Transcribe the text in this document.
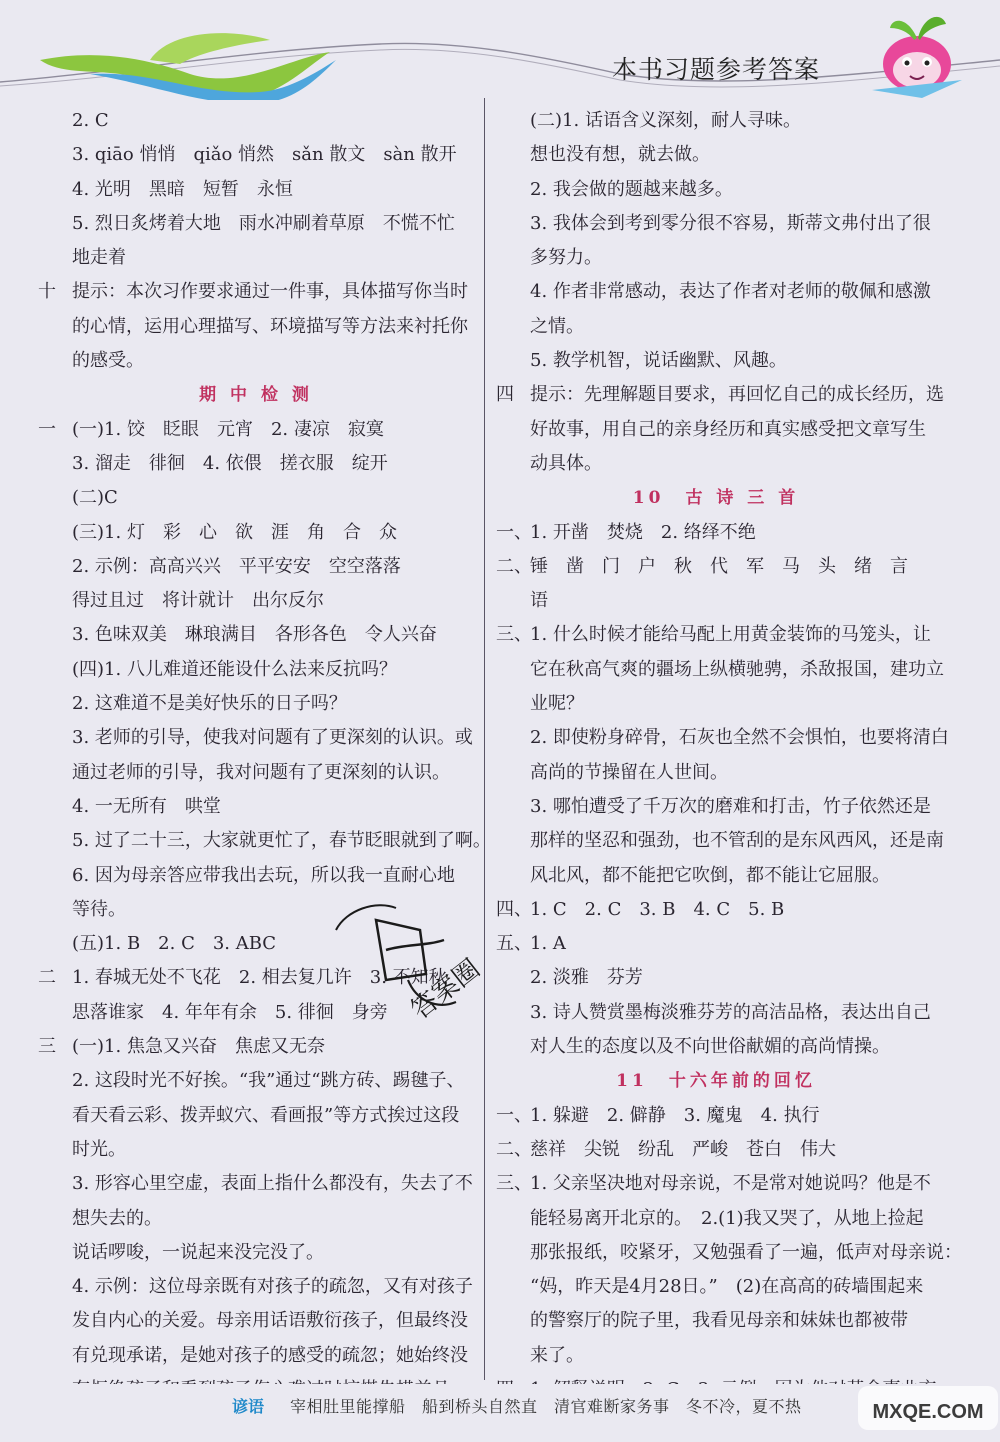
本书习题参考答案
2. C
3. qiāo 悄悄　qiǎo 悄然　sǎn 散文　sàn 散开
4. 光明　黑暗　短暂　永恒
5. 烈日炙烤着大地　雨水冲刷着草原　不慌不忙
地走着
十 提示：本次习作要求通过一件事，具体描写你当时
的心情，运用心理描写、环境描写等方法来衬托你
的感受。
期 中 检 测
一 (一)1. 饺　眨眼　元宵　2. 凄凉　寂寞
3. 溜走　徘徊　4. 依偎　搓衣服　绽开
(二)C
(三)1. 灯　彩　心　欲　涯　角　合　众
2. 示例：高高兴兴　平平安安　空空落落
得过且过　将计就计　出尔反尔
3. 色味双美　琳琅满目　各形各色　令人兴奋
(四)1. 八儿难道还能设什么法来反抗吗？
2. 这难道不是美好快乐的日子吗？
3. 老师的引导，使我对问题有了更深刻的认识。或
通过老师的引导，我对问题有了更深刻的认识。
4. 一无所有　哄堂
5. 过了二十三，大家就更忙了，春节眨眼就到了啊。
6. 因为母亲答应带我出去玩，所以我一直耐心地
等待。
(五)1. B　2. C　3. ABC
二 1. 春城无处不飞花　2. 相去复几许　3. 不知秋
思落谁家　4. 年年有余　5. 徘徊　身旁
三 (一)1. 焦急又兴奋　焦虑又无奈
2. 这段时光不好挨。“我”通过“跳方砖、踢毽子、
看天看云彩、拨弄蚁穴、看画报”等方式挨过这段
时光。
3. 形容心里空虚，表面上指什么都没有，失去了不
想失去的。
说话啰唆，一说起来没完没了。
4. 示例：这位母亲既有对孩子的疏忽，又有对孩子
发自内心的关爱。母亲用话语敷衍孩子，但最终没
有兑现承诺，是她对孩子的感受的疏忽；她始终没
(二)1. 话语含义深刻，耐人寻味。
想也没有想，就去做。
2. 我会做的题越来越多。
3. 我体会到考到零分很不容易，斯蒂文弗付出了很
多努力。
4. 作者非常感动，表达了作者对老师的敬佩和感激
之情。
5. 教学机智，说话幽默、风趣。
四 提示：先理解题目要求，再回忆自己的成长经历，选
好故事，用自己的亲身经历和真实感受把文章写生
动具体。
10　古 诗 三 首
一、
1. 开凿　焚烧　2. 络绎不绝
二、
锤　凿　门　户　秋　代　军　马　头　绪　言
语
三、
1. 什么时候才能给马配上用黄金装饰的马笼头，让
它在秋高气爽的疆场上纵横驰骋，杀敌报国，建功立
业呢？
2. 即使粉身碎骨，石灰也全然不会惧怕，也要将清白
高尚的节操留在人世间。
3. 哪怕遭受了千万次的磨难和打击，竹子依然还是
那样的坚忍和强劲，也不管刮的是东风西风，还是南
风北风，都不能把它吹倒，都不能让它屈服。
四、
1. C　2. C　3. B　4. C　5. B
五、
1. A
2. 淡雅　芬芳
3. 诗人赞赏墨梅淡雅芬芳的高洁品格，表达出自己
对人生的态度以及不向世俗献媚的高尚情操。
11　十六年前的回忆
一、
1. 躲避　2. 僻静　3. 魔鬼　4. 执行
二、
慈祥　尖锐　纷乱　严峻　苍白　伟大
三、
1. 父亲坚决地对母亲说，不是常对她说吗？他是不
能轻易离开北京的。　2.(1)我又哭了，从地上捡起
那张报纸，咬紧牙，又勉强看了一遍，低声对母亲说：
“妈，昨天是4月28日。”　(2)在高高的砖墙围起来
的警察厅的院子里，我看见母亲和妹妹也都被带
来了。
答案圈
谚语 宰相肚里能撑船　船到桥头自然直　清官难断家务事　冬不冷，夏不热	MXQE.COM
